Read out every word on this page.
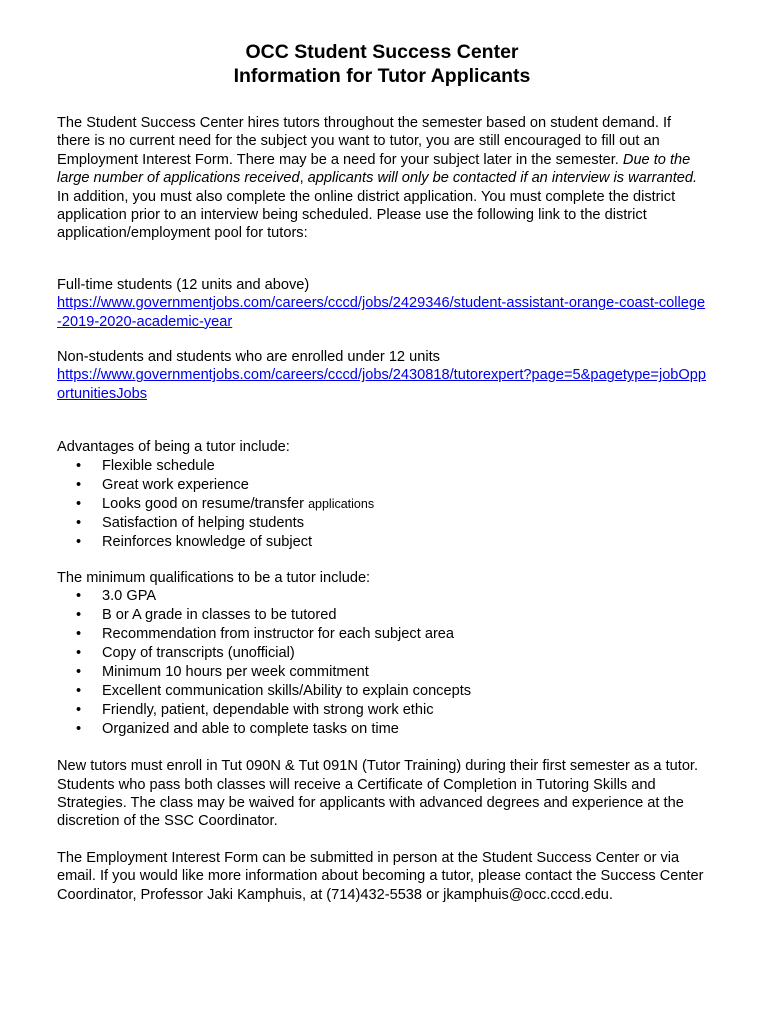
OCC Student Success Center
Information for Tutor Applicants

The Student Success Center hires tutors throughout the semester based on student demand. If there is no current need for the subject you want to tutor, you are still encouraged to fill out an Employment Interest Form. There may be a need for your subject later in the semester. Due to the large number of applications received, applicants will only be contacted if an interview is warranted. In addition, you must also complete the online district application. You must complete the district application prior to an interview being scheduled. Please use the following link to the district application/employment pool for tutors:

Full-time students (12 units and above)

https://www.governmentjobs.com/careers/cccd/jobs/2429346/student-assistant-orange-coast-college-2019-2020-academic-year

Non-students and students who are enrolled under 12 units

https://www.governmentjobs.com/careers/cccd/jobs/2430818/tutorexpert?page=5&pagetype=jobOpportunitiesJobs

Advantages of being a tutor include:

• Flexible schedule
• Great work experience
• Looks good on resume/transfer applications
• Satisfaction of helping students
• Reinforces knowledge of subject

The minimum qualifications to be a tutor include:

• 3.0 GPA
• B or A grade in classes to be tutored
• Recommendation from instructor for each subject area
• Copy of transcripts (unofficial)
• Minimum 10 hours per week commitment
• Excellent communication skills/Ability to explain concepts
• Friendly, patient, dependable with strong work ethic
• Organized and able to complete tasks on time

New tutors must enroll in Tut 090N & Tut 091N (Tutor Training) during their first semester as a tutor. Students who pass both classes will receive a Certificate of Completion in Tutoring Skills and Strategies. The class may be waived for applicants with advanced degrees and experience at the discretion of the SSC Coordinator.

The Employment Interest Form can be submitted in person at the Student Success Center or via email. If you would like more information about becoming a tutor, please contact the Success Center Coordinator, Professor Jaki Kamphuis, at (714)432-5538 or jkamphuis@occ.cccd.edu.
